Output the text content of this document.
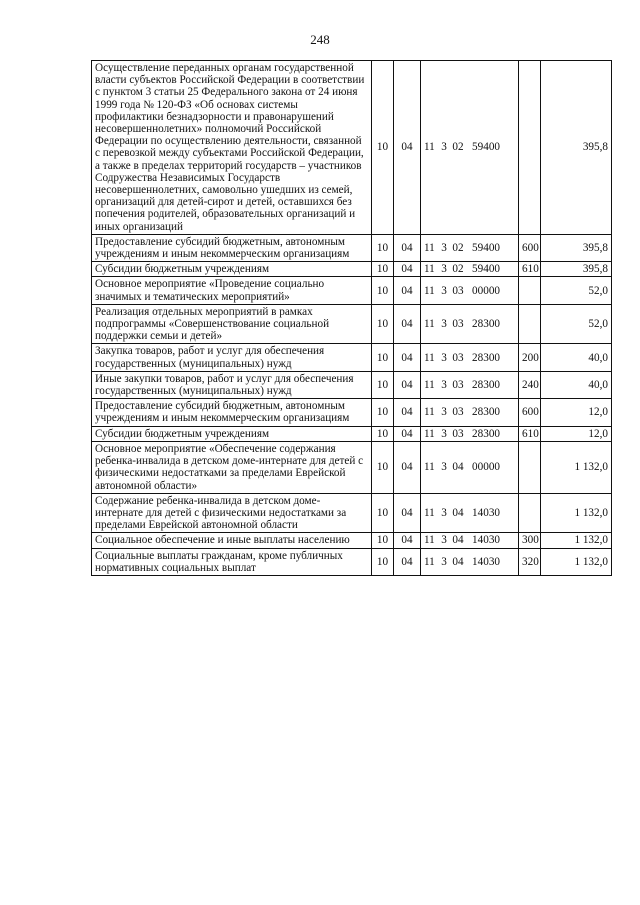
248
Осуществление переданных органам государственной власти субъектов Российской Федерации в соответствии с пунктом 3 статьи 25 Федерального закона от 24 июня 1999 года № 120-ФЗ «Об основах системы профилактики безнадзорности и правонарушений несовершеннолетних» полномочий Российской Федерации по осуществлению деятельности, связанной с перевозкой между субъектами Российской Федерации, а также в пределах территорий государств – участников Содружества Независимых Государств несовершеннолетних, самовольно ушедших из семей, организаций для детей-сирот и детей, оставшихся без попечения родителей, образовательных организаций и иных организаций	10	04	11 3 02 59400		395,8
Предоставление субсидий бюджетным, автономным учреждениям и иным некоммерческим организациям	10	04	11 3 02 59400	600	395,8
Субсидии бюджетным учреждениям	10	04	11 3 02 59400	610	395,8
Основное мероприятие «Проведение социально значимых и тематических мероприятий»	10	04	11 3 03 00000		52,0
Реализация отдельных мероприятий в рамках подпрограммы «Совершенствование социальной поддержки семьи и детей»	10	04	11 3 03 28300		52,0
Закупка товаров, работ и услуг для обеспечения государственных (муниципальных) нужд	10	04	11 3 03 28300	200	40,0
Иные закупки товаров, работ и услуг для обеспечения государственных (муниципальных) нужд	10	04	11 3 03 28300	240	40,0
Предоставление субсидий бюджетным, автономным учреждениям и иным некоммерческим организациям	10	04	11 3 03 28300	600	12,0
Субсидии бюджетным учреждениям	10	04	11 3 03 28300	610	12,0
Основное мероприятие «Обеспечение содержания ребенка-инвалида в детском доме-интернате для детей с физическими недостатками за пределами Еврейской автономной области»	10	04	11 3 04 00000		1 132,0
Содержание ребенка-инвалида в детском доме-интернате для детей с физическими недостатками за пределами Еврейской автономной области	10	04	11 3 04 14030		1 132,0
Социальное обеспечение и иные выплаты населению	10	04	11 3 04 14030	300	1 132,0
Социальные выплаты гражданам, кроме публичных нормативных социальных выплат	10	04	11 3 04 14030	320	1 132,0
